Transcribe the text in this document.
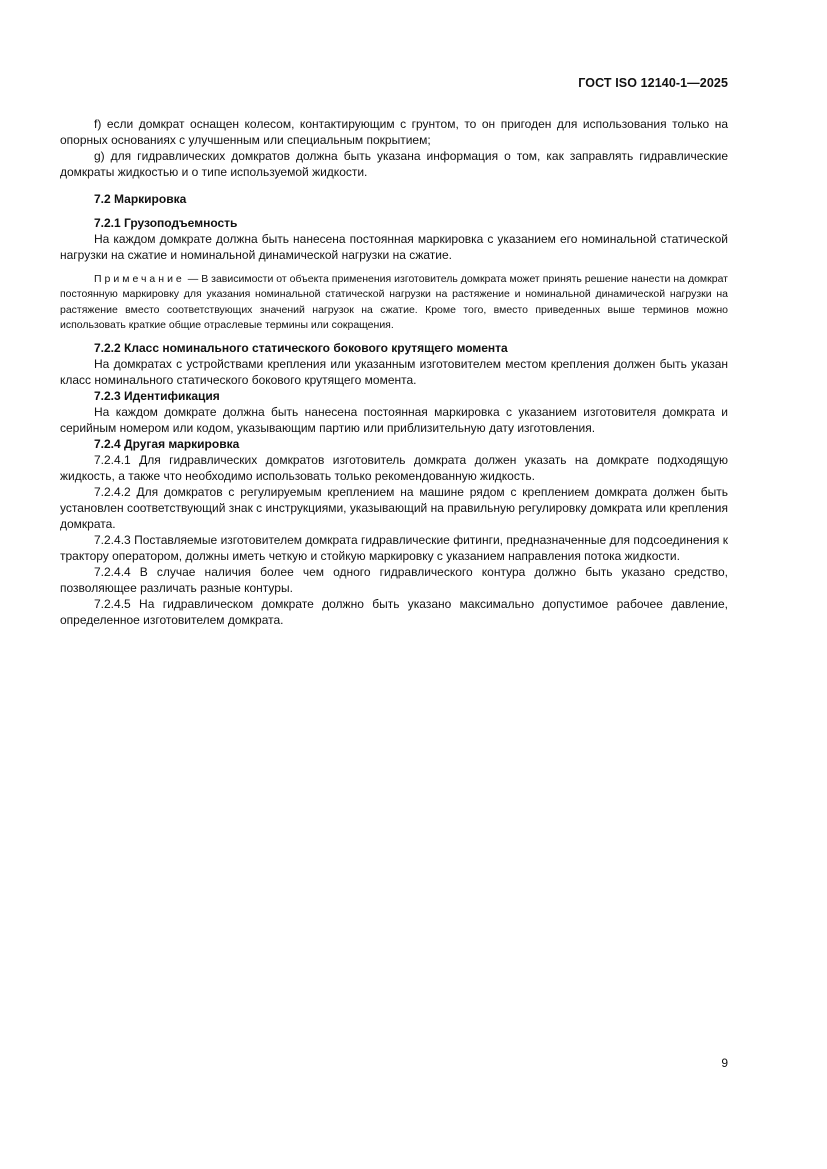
ГОСТ ISO 12140-1—2025

f) если домкрат оснащен колесом, контактирующим с грунтом, то он пригоден для использования только на опорных основаниях с улучшенным или специальным покрытием;

g) для гидравлических домкратов должна быть указана информация о том, как заправлять гидравлические домкраты жидкостью и о типе используемой жидкости.

7.2 Маркировка

7.2.1 Грузоподъемность

На каждом домкрате должна быть нанесена постоянная маркировка с указанием его номинальной статической нагрузки на сжатие и номинальной динамической нагрузки на сжатие.

Примечание — В зависимости от объекта применения изготовитель домкрата может принять решение нанести на домкрат постоянную маркировку для указания номинальной статической нагрузки на растяжение и номинальной динамической нагрузки на растяжение вместо соответствующих значений нагрузок на сжатие. Кроме того, вместо приведенных выше терминов можно использовать краткие общие отраслевые термины или сокращения.

7.2.2 Класс номинального статического бокового крутящего момента

На домкратах с устройствами крепления или указанным изготовителем местом крепления должен быть указан класс номинального статического бокового крутящего момента.

7.2.3 Идентификация

На каждом домкрате должна быть нанесена постоянная маркировка с указанием изготовителя домкрата и серийным номером или кодом, указывающим партию или приблизительную дату изготовления.

7.2.4 Другая маркировка

7.2.4.1 Для гидравлических домкратов изготовитель домкрата должен указать на домкрате подходящую жидкость, а также что необходимо использовать только рекомендованную жидкость.

7.2.4.2 Для домкратов с регулируемым креплением на машине рядом с креплением домкрата должен быть установлен соответствующий знак с инструкциями, указывающий на правильную регулировку домкрата или крепления домкрата.

7.2.4.3 Поставляемые изготовителем домкрата гидравлические фитинги, предназначенные для подсоединения к трактору оператором, должны иметь четкую и стойкую маркировку с указанием направления потока жидкости.

7.2.4.4 В случае наличия более чем одного гидравлического контура должно быть указано средство, позволяющее различать разные контуры.

7.2.4.5 На гидравлическом домкрате должно быть указано максимально допустимое рабочее давление, определенное изготовителем домкрата.

9
